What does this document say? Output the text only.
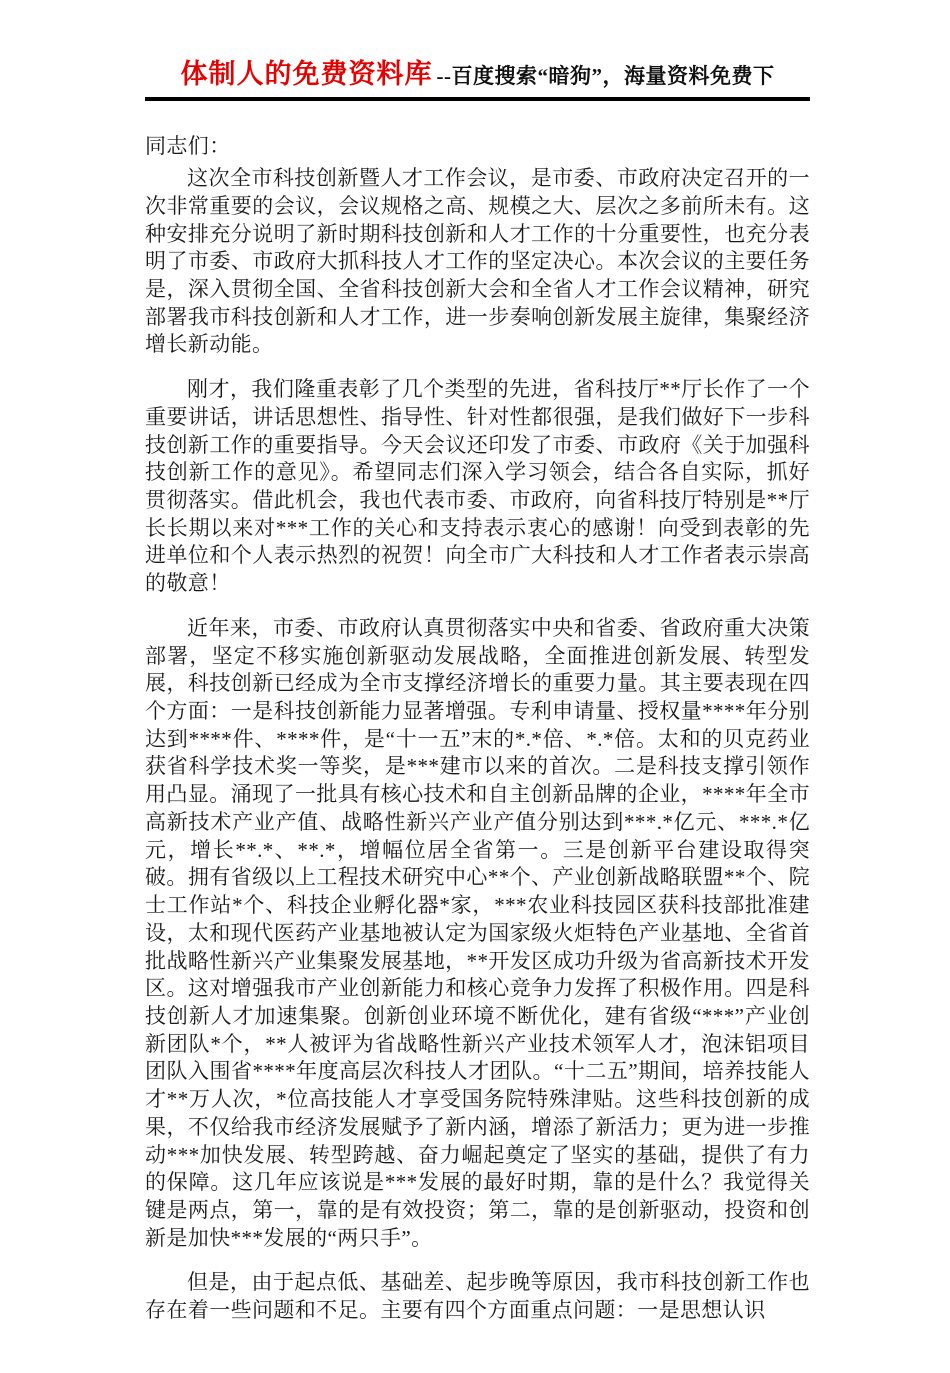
体制人的免费资料库 --百度搜索“暗狗”，海量资料免费下

同志们：

这次全市科技创新暨人才工作会议，是市委、市政府决定召开的一次非常重要的会议，会议规格之高、规模之大、层次之多前所未有。这种安排充分说明了新时期科技创新和人才工作的十分重要性，也充分表明了市委、市政府大抓科技人才工作的坚定决心。本次会议的主要任务是，深入贯彻全国、全省科技创新大会和全省人才工作会议精神，研究部署我市科技创新和人才工作，进一步奏响创新发展主旋律，集聚经济增长新动能。

刚才，我们隆重表彰了几个类型的先进，省科技厅**厅长作了一个重要讲话，讲话思想性、指导性、针对性都很强，是我们做好下一步科技创新工作的重要指导。今天会议还印发了市委、市政府《关于加强科技创新工作的意见》。希望同志们深入学习领会，结合各自实际，抓好贯彻落实。借此机会，我也代表市委、市政府，向省科技厅特别是**厅长长期以来对***工作的关心和支持表示衷心的感谢！向受到表彰的先进单位和个人表示热烈的祝贺！向全市广大科技和人才工作者表示崇高的敬意！

近年来，市委、市政府认真贯彻落实中央和省委、省政府重大决策部署，坚定不移实施创新驱动发展战略，全面推进创新发展、转型发展，科技创新已经成为全市支撑经济增长的重要力量。其主要表现在四个方面：一是科技创新能力显著增强。专利申请量、授权量****年分别达到****件、****件，是“十一五”末的*.*倍、*.*倍。太和的贝克药业获省科学技术奖一等奖，是***建市以来的首次。二是科技支撑引领作用凸显。涌现了一批具有核心技术和自主创新品牌的企业，****年全市高新技术产业产值、战略性新兴产业产值分别达到***.*亿元、***.*亿元，增长**.*、**.*，增幅位居全省第一。三是创新平台建设取得突破。拥有省级以上工程技术研究中心**个、产业创新战略联盟**个、院士工作站*个、科技企业孵化器*家，***农业科技园区获科技部批准建设，太和现代医药产业基地被认定为国家级火炬特色产业基地、全省首批战略性新兴产业集聚发展基地，**开发区成功升级为省高新技术开发区。这对增强我市产业创新能力和核心竞争力发挥了积极作用。四是科技创新人才加速集聚。创新创业环境不断优化，建有省级“***”产业创新团队*个，**人被评为省战略性新兴产业技术领军人才，泡沫铝项目团队入围省****年度高层次科技人才团队。“十二五”期间，培养技能人才**万人次，*位高技能人才享受国务院特殊津贴。这些科技创新的成果，不仅给我市经济发展赋予了新内涵，增添了新活力；更为进一步推动***加快发展、转型跨越、奋力崛起奠定了坚实的基础，提供了有力的保障。这几年应该说是***发展的最好时期，靠的是什么？我觉得关键是两点，第一，靠的是有效投资；第二，靠的是创新驱动，投资和创新是加快***发展的“两只手”。

但是，由于起点低、基础差、起步晚等原因，我市科技创新工作也存在着一些问题和不足。主要有四个方面重点问题：一是思想认识
